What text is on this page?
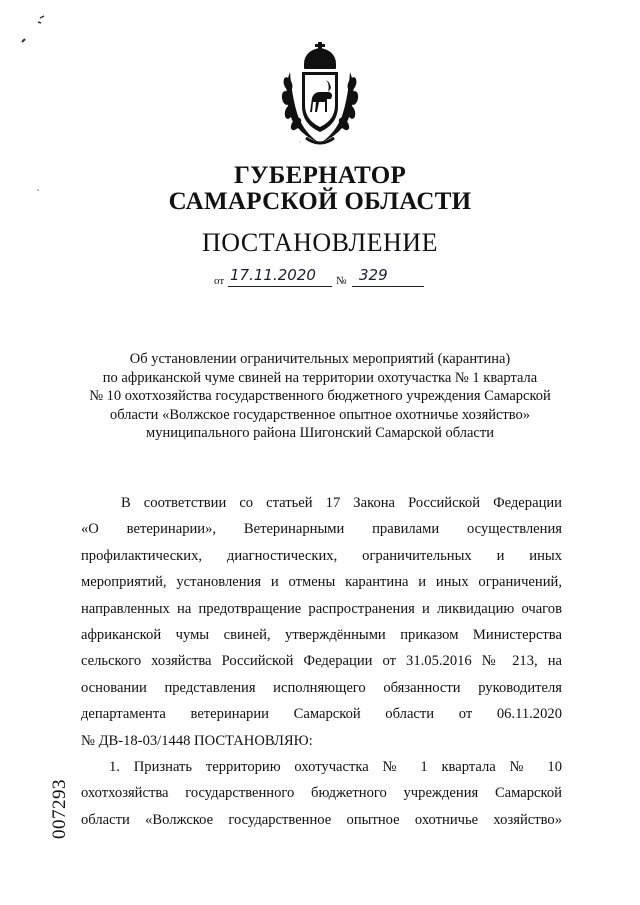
ГУБЕРНАТОР
САМАРСКОЙ ОБЛАСТИ
ПОСТАНОВЛЕНИЕ
от 17.11.2020 № 329
Об установлении ограничительных мероприятий (карантина)
по африканской чуме свиней на территории охотучастка № 1 квартала
№ 10 охотхозяйства государственного бюджетного учреждения Самарской
области «Волжское государственное опытное охотничье хозяйство»
муниципального района Шигонский Самарской области
В соответствии со статьей 17 Закона Российской Федерации
«О ветеринарии», Ветеринарными правилами осуществления
профилактических, диагностических, ограничительных и иных
мероприятий, установления и отмены карантина и иных ограничений,
направленных на предотвращение распространения и ликвидацию очагов
африканской чумы свиней, утверждёнными приказом Министерства
сельского хозяйства Российской Федерации от 31.05.2016 № 213, на
основании представления исполняющего обязанности руководителя
департамента ветеринарии Самарской области от 06.11.2020
№ ДВ-18-03/1448 ПОСТАНОВЛЯЮ:
1. Признать территорию охотучастка № 1 квартала № 10
охотхозяйства государственного бюджетного учреждения Самарской
области «Волжское государственное опытное охотничье хозяйство»
007293
